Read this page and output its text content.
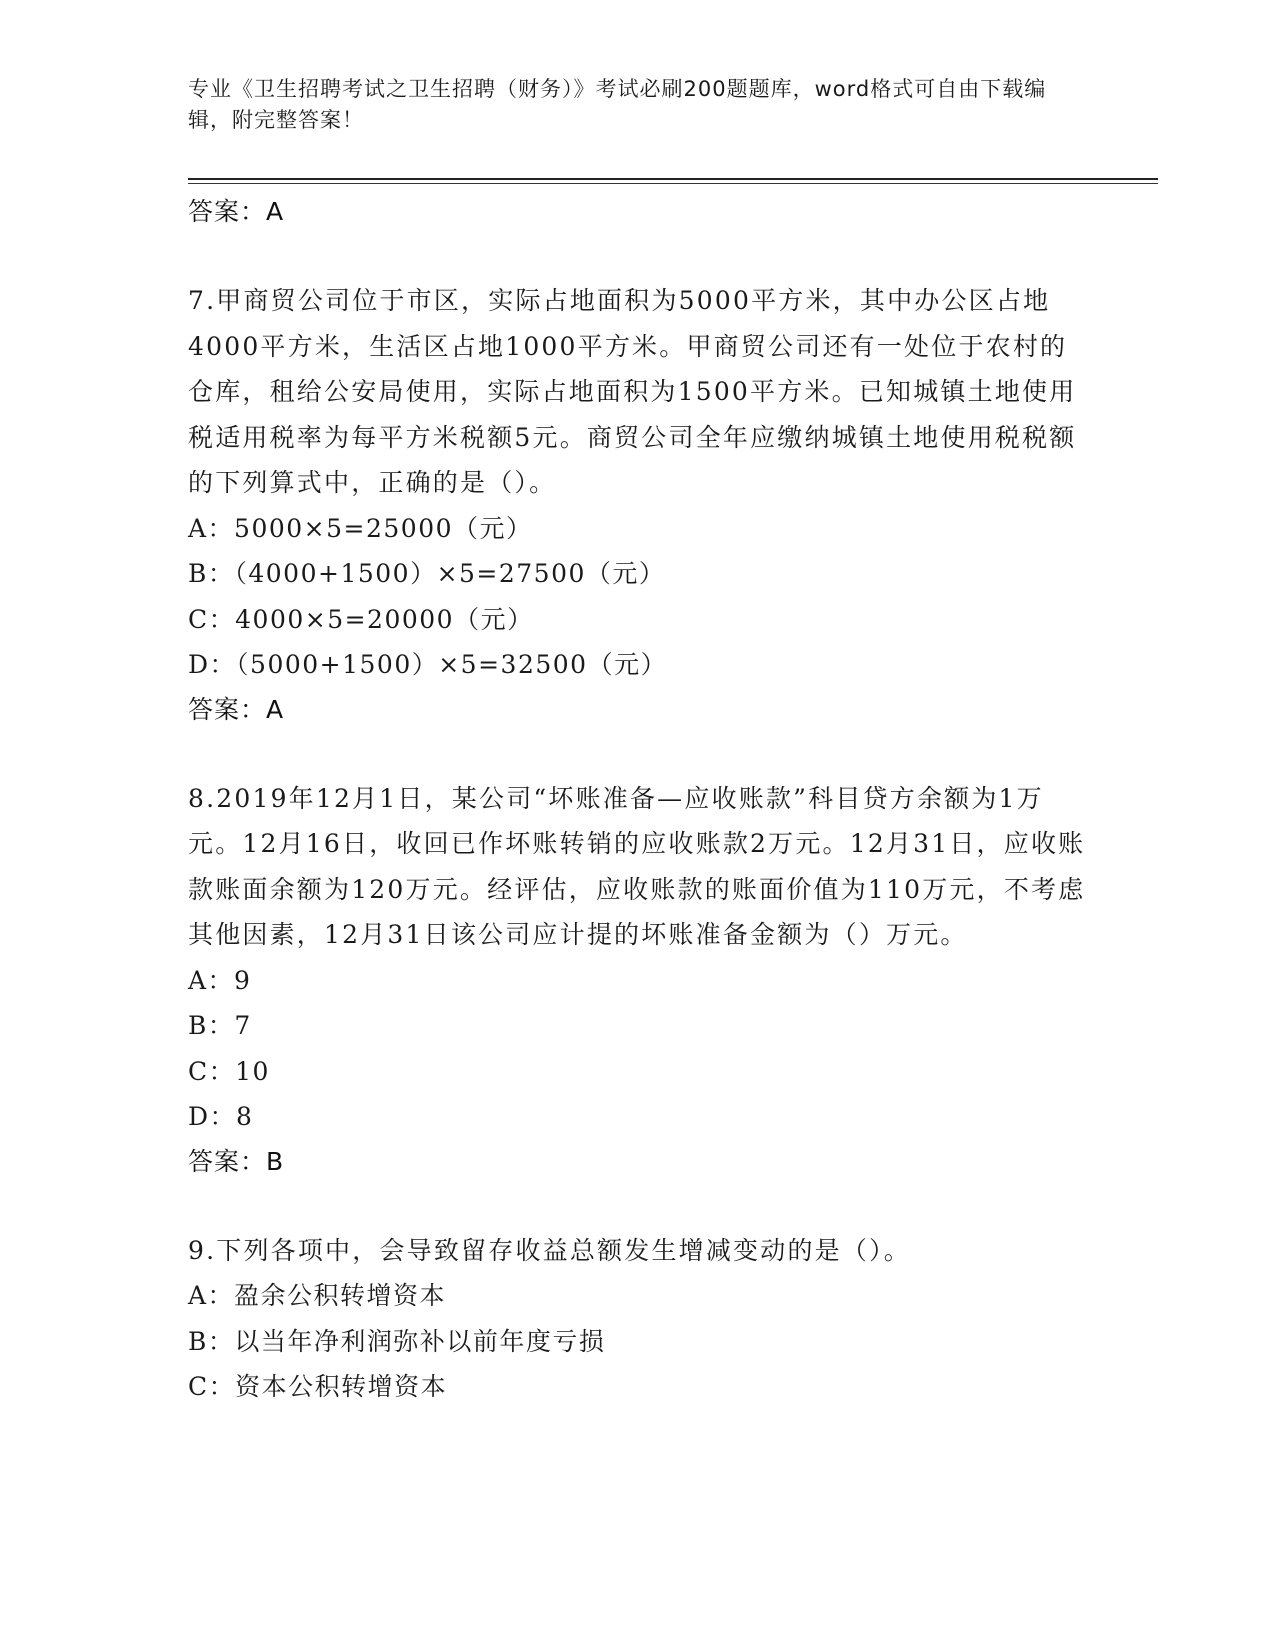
专业《卫生招聘考试之卫生招聘（财务）》考试必刷200题题库，word格式可自由下载编辑，附完整答案！
答案：A

7.甲商贸公司位于市区，实际占地面积为5000平方米，其中办公区占地4000平方米，生活区占地1000平方米。甲商贸公司还有一处位于农村的仓库，租给公安局使用，实际占地面积为1500平方米。已知城镇土地使用税适用税率为每平方米税额5元。商贸公司全年应缴纳城镇土地使用税税额的下列算式中，正确的是（）。

A：5000×5=25000（元）
B：（4000+1500）×5=27500（元）
C：4000×5=20000（元）
D：（5000+1500）×5=32500（元）
答案：A

8.2019年12月1日，某公司“坏账准备—应收账款”科目贷方余额为1万元。12月16日，收回已作坏账转销的应收账款2万元。12月31日，应收账款账面余额为120万元。经评估，应收账款的账面价值为110万元，不考虑其他因素，12月31日该公司应计提的坏账准备金额为（）万元。

A：9
B：7
C：10
D：8
答案：B

9.下列各项中，会导致留存收益总额发生增减变动的是（）。

A：盈余公积转增资本
B：以当年净利润弥补以前年度亏损
C：资本公积转增资本
